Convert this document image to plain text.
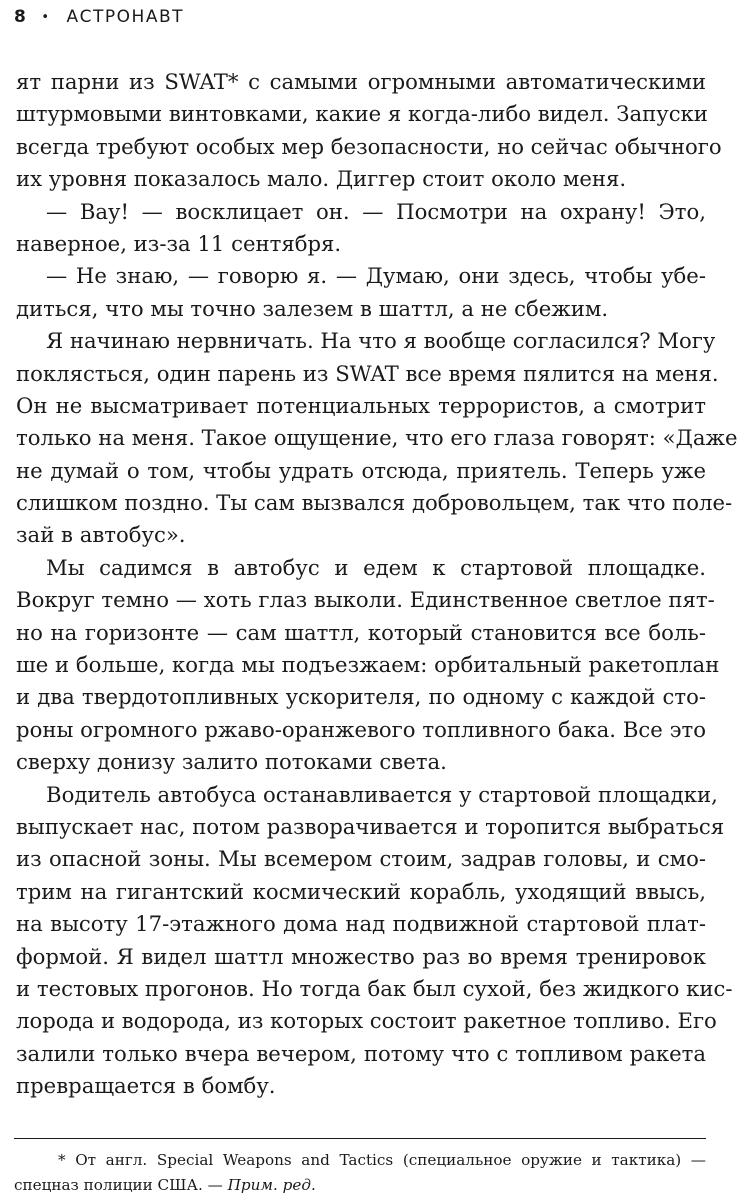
8 • АСТРОНАВТ
ят парни из SWAT* с самыми огромными автоматическими
штурмовыми винтовками, какие я когда-либо видел. Запуски
всегда требуют особых мер безопасности, но сейчас обычного
их уровня показалось мало. Диггер стоит около меня.
— Вау! — восклицает он. — Посмотри на охрану! Это,
наверное, из-за 11 сентября.
— Не знаю, — говорю я. — Думаю, они здесь, чтобы убе-
диться, что мы точно залезем в шаттл, а не сбежим.
Я начинаю нервничать. На что я вообще согласился? Могу
поклясться, один парень из SWAT все время пялится на меня.
Он не высматривает потенциальных террористов, а смотрит
только на меня. Такое ощущение, что его глаза говорят: «Даже
не думай о том, чтобы удрать отсюда, приятель. Теперь уже
слишком поздно. Ты сам вызвался добровольцем, так что поле-
зай в автобус».
Мы садимся в автобус и едем к стартовой площадке.
Вокруг темно — хоть глаз выколи. Единственное светлое пят-
но на горизонте — сам шаттл, который становится все боль-
ше и больше, когда мы подъезжаем: орбитальный ракетоплан
и два твердотопливных ускорителя, по одному с каждой сто-
роны огромного ржаво-оранжевого топливного бака. Все это
сверху донизу залито потоками света.
Водитель автобуса останавливается у стартовой площадки,
выпускает нас, потом разворачивается и торопится выбраться
из опасной зоны. Мы всемером стоим, задрав головы, и смо-
трим на гигантский космический корабль, уходящий ввысь,
на высоту 17-этажного дома над подвижной стартовой плат-
формой. Я видел шаттл множество раз во время тренировок
и тестовых прогонов. Но тогда бак был сухой, без жидкого кис-
лорода и водорода, из которых состоит ракетное топливо. Его
залили только вчера вечером, потому что с топливом ракета
превращается в бомбу.
* От англ. Special Weapons and Tactics (специальное оружие и тактика) —
спецназ полиции США. — Прим. ред.
